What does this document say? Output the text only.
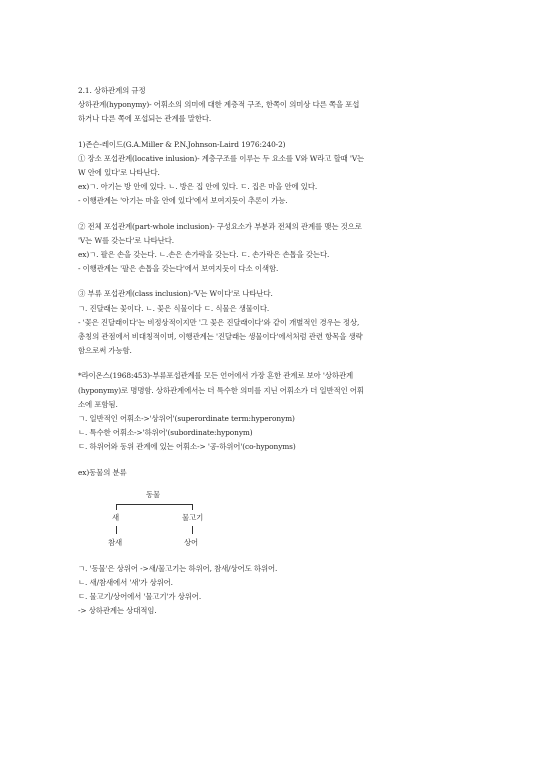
2.1. 상하관계의 규정
상하관계(hyponymy)- 어휘소의 의미에 대한 계층적 구조, 한쪽이 의미상 다른 쪽을 포섭
하거나 다른 쪽에 포섭되는 관계를 말한다.
1)존슨-레이드(G.A.Miller & P.N.Johnson-Laird 1976:240-2)
① 장소 포섭관계(locative inlusion)- 계층구조를 이루는 두 요소를 V와 W라고 할때 'V는
W 안에 있다'로 나타난다.
ex)ㄱ. 아기는 방 안에 있다. ㄴ. 방은 집 안에 있다. ㄷ. 집은 마을 안에 있다.
- 이행관계는 '아기는 마을 안에 있다'에서 보여지듯이 추론이 가능.
② 전체 포섭관계(part-whole inclusion)- 구성요소가 부분과 전체의 관계를 맺는 것으로
'V는 W를 갖는다'로 나타난다.
ex)ㄱ. 팔은 손을 갖는다. ㄴ.손은 손가락을 갖는다. ㄷ. 손가락은 손톱을 갖는다.
- 이행관계는 '팔은 손톱을 갖는다'에서 보여지듯이 다소 이색함.
③ 부류 포섭관계(class inclusion)-'V는 W이다'로 나타난다.
ㄱ. 진달래는 꽃이다. ㄴ. 꽃은 식물이다 ㄷ. 식물은 생물이다.
- '꽃은 진달래이다'는 비정상적이지만 '그 꽃은 진달래이다'와 같이 개별적인 경우는 정상,
총칭의 관점에서 비대칭적이며, 이행관계는 '진달래는 생물이다'에서처럼 관련 항목을 생략
함으로써 가능함.
*라이온스(1968:453)-부류포섭관계를 모든 언어에서 가장 흔한 관계로 보아 '상하관계
(hyponymy)로 명명함. 상하관계에서는 더 특수한 의미를 지닌 어휘소가 더 일반적인 어휘
소에 포함됨.
ㄱ. 일반적인 어휘소->'상위어'(superordinate term:hyperonym)
ㄴ. 특수한 어휘소->'하위어'(subordinate:hyponym)
ㄷ. 하위어와 동위 관계에 있는 어휘소-> '공-하위어'(co-hyponyms)
ex)동물의 분류
동물
새	물고기
참새	상어
ㄱ. '동물'은 상위어 ->새/물고기는 하위어, 참새/상어도 하위어.
ㄴ. 새/참새에서 '새'가 상위어.
ㄷ. 물고기/상어에서 '물고기'가 상위어.
-> 상하관계는 상대적임.
